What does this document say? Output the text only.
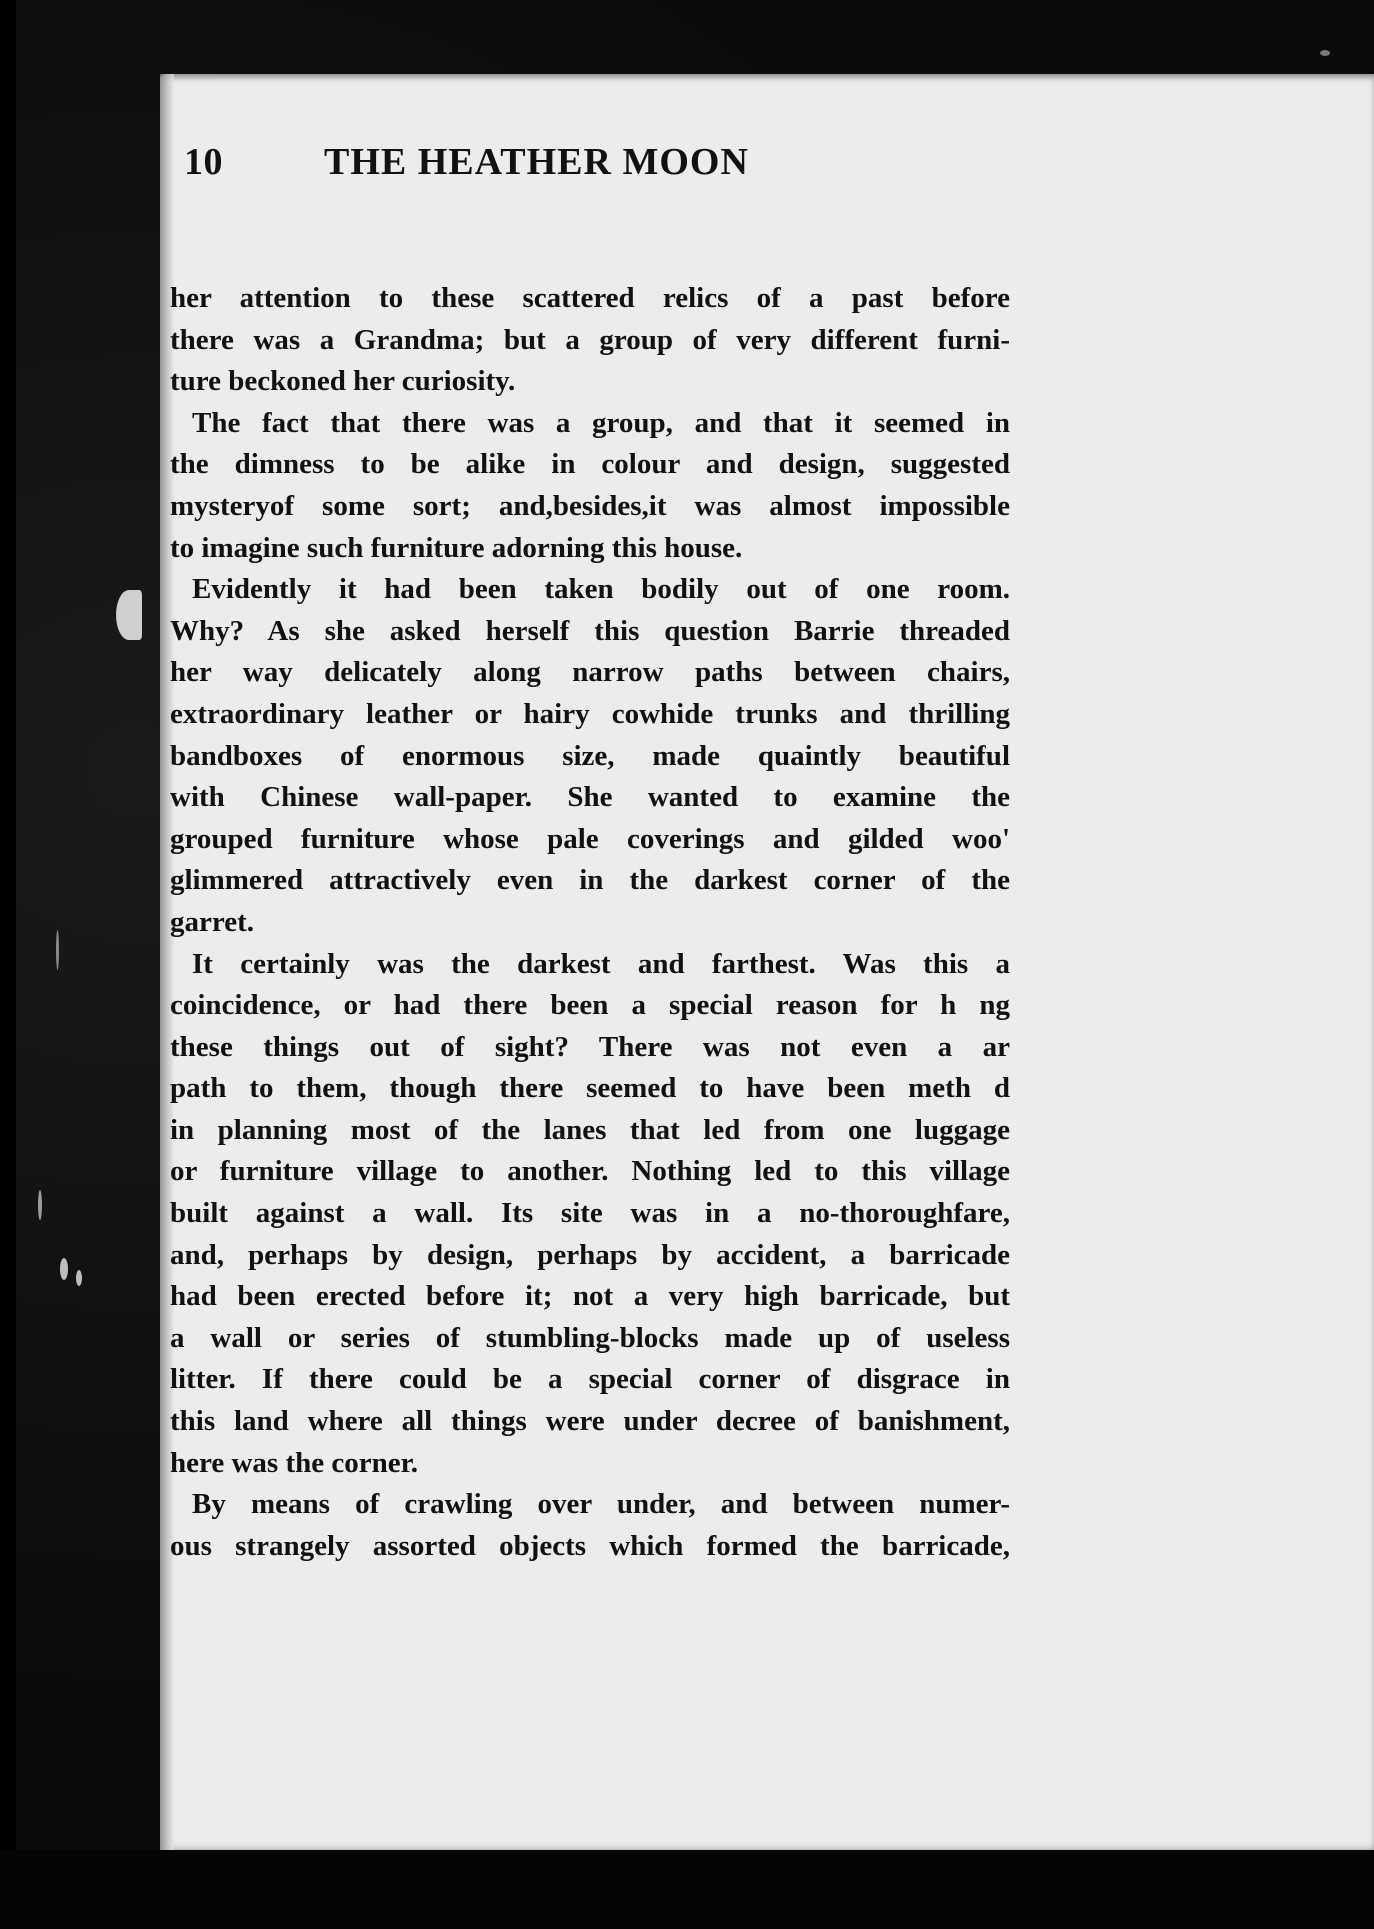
10	THE HEATHER MOON
her attention to these scattered relics of a past before
there was a Grandma; but a group of very different furni-
ture beckoned her curiosity.
The fact that there was a group, and that it seemed in
the dimness to be alike in colour and design, suggested
mysteryof some sort; and,besides,it was almost impossible
to imagine such furniture adorning this house.
Evidently it had been taken bodily out of one room.
Why? As she asked herself this question Barrie threaded
her way delicately along narrow paths between chairs,
extraordinary leather or hairy cowhide trunks and thrilling
bandboxes of enormous size, made quaintly beautiful
with Chinese wall-paper. She wanted to examine the
grouped furniture whose pale coverings and gilded woo'
glimmered attractively even in the darkest corner of the
garret.
It certainly was the darkest and farthest. Was this a
coincidence, or had there been a special reason for h ng
these things out of sight? There was not even a ar
path to them, though there seemed to have been meth d
in planning most of the lanes that led from one luggage
or furniture village to another. Nothing led to this village
built against a wall. Its site was in a no-thoroughfare,
and, perhaps by design, perhaps by accident, a barricade
had been erected before it; not a very high barricade, but
a wall or series of stumbling-blocks made up of useless
litter. If there could be a special corner of disgrace in
this land where all things were under decree of banishment,
here was the corner.
By means of crawling over under, and between numer-
ous strangely assorted objects which formed the barricade,
